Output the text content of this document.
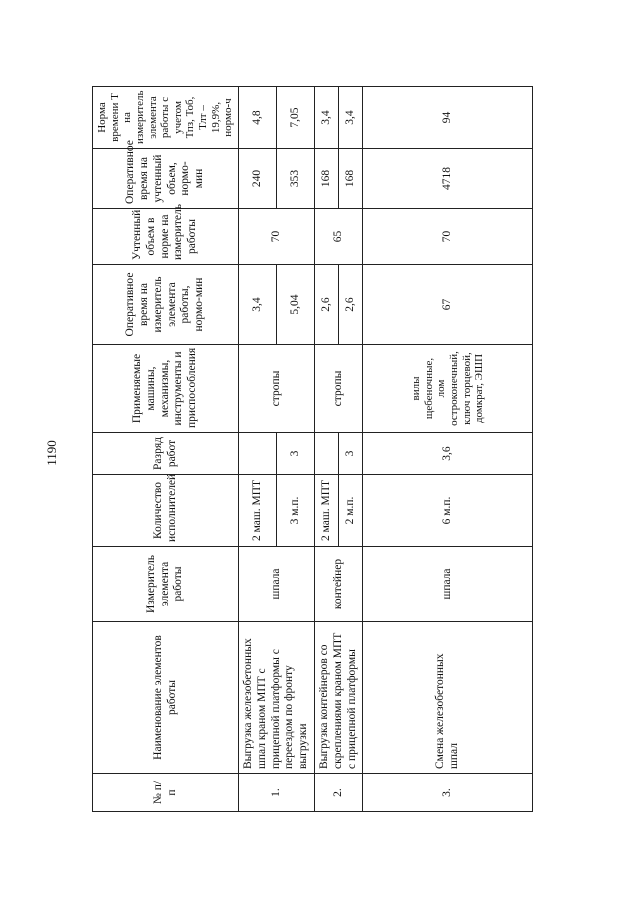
1190
№ п/п	Наименование элементов работы	Измеритель элемента работы	Количество исполнителей	Разряд работ	Применяемые машины, механизмы, инструменты и приспособления	Оперативное время на измеритель элемента работы, нормо-мин	Учтенный объем в норме на измеритель работы	Оперативное время на учтенный объем, нормо-мин	Норма времени Т на измеритель элемента работы с учетом Тпз, Тоб, Тлт – 19,9%, нормо-ч
1.	Выгрузка железобетонных шпал краном МПТ с прицепной платформы с переездом по фронту выгрузки	шпала	2 маш. МПТ		стропы	3,4	70	240	4,8
			3 м.п.	3		5,04		353	7,05
2.	Выгрузка контейнеров со скреплениями краном МПТ с прицепной платформы	контейнер	2 маш. МПТ		стропы	2,6	65	168	3,4
			2 м.п.	3		2,6		168	3,4
3.	Смена железобетонных шпал	шпала	6 м.п.	3,6	вилы щебеночные, лом остроконечный, ключ торцевой, домкрат, ЭШП	67	70	4718	94
